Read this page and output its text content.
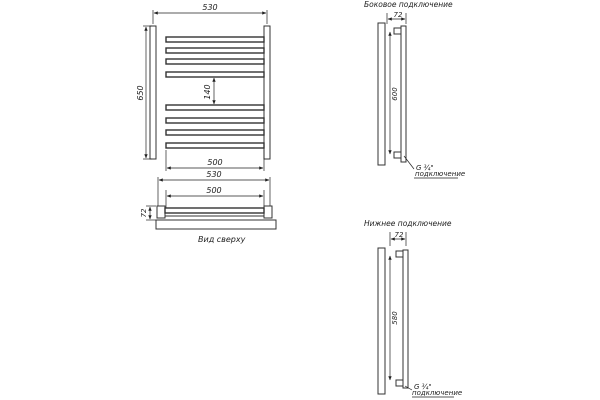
530
650	140
500
530
500
72
Вид сверху
Боковое подключение
72
600
G ¾"
подключение
Нижнее подключение
72
580
G ¾"
подключение
